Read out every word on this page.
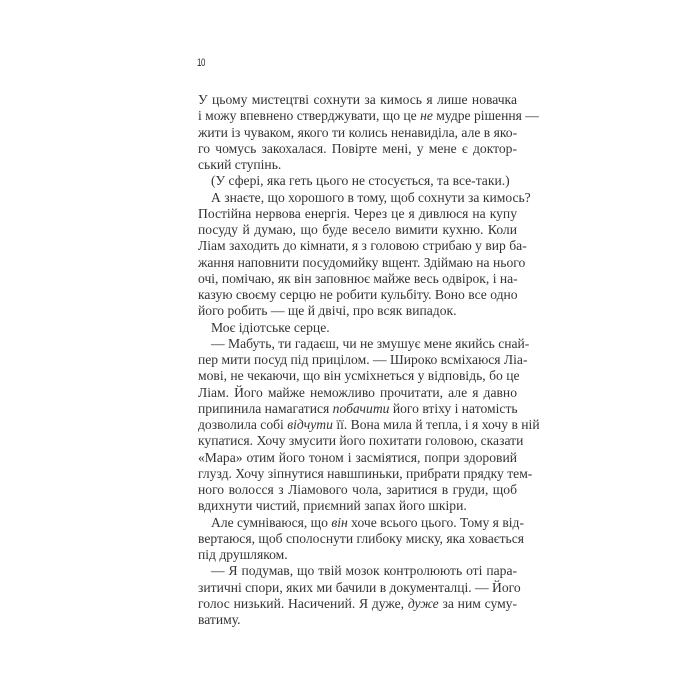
10
У цьому мистецтві сохнути за кимось я лише новачка
і можу впевнено стверджувати, що це не мудре рішення —
жити із чуваком, якого ти колись ненавиділа, але в яко-
го чомусь закохалася. Повірте мені, у мене є доктор-
ський ступінь.
(У сфері, яка геть цього не стосується, та все-таки.)
А знаєте, що хорошого в тому, щоб сохнути за кимось?
Постійна нервова енергія. Через це я дивлюся на купу
посуду й думаю, що буде весело вимити кухню. Коли
Ліам заходить до кімнати, я з головою стрибаю у вир ба-
жання наповнити посудомийку вщент. Здіймаю на нього
очі, помічаю, як він заповнює майже весь одвірок, і на-
казую своєму серцю не робити кульбіту. Воно все одно
його робить — ще й двічі, про всяк випадок.
Моє ідіотське серце.
— Мабуть, ти гадаєш, чи не змушує мене якийсь снай-
пер мити посуд під прицілом. — Широко всміхаюся Ліа-
мові, не чекаючи, що він усміхнеться у відповідь, бо це
Ліам. Його майже неможливо прочитати, але я давно
припинила намагатися побачити його втіху і натомість
дозволила собі відчути її. Вона мила й тепла, і я хочу в ній
купатися. Хочу змусити його похитати головою, сказати
«Мара» отим його тоном і засміятися, попри здоровий
глузд. Хочу зіпнутися навшпиньки, прибрати прядку тем-
ного волосся з Ліамового чола, зaритися в груди, щоб
вдихнути чистий, приємний запах його шкіри.
Але сумніваюся, що він хоче всього цього. Тому я від-
вертаюся, щоб сполоснути глибоку миску, яка ховається
під друшляком.
— Я подумав, що твій мозок контролюють оті пара-
зитичні спори, яких ми бачили в документалці. — Його
голос низький. Насичений. Я дуже, дуже за ним суму-
ватиму.
